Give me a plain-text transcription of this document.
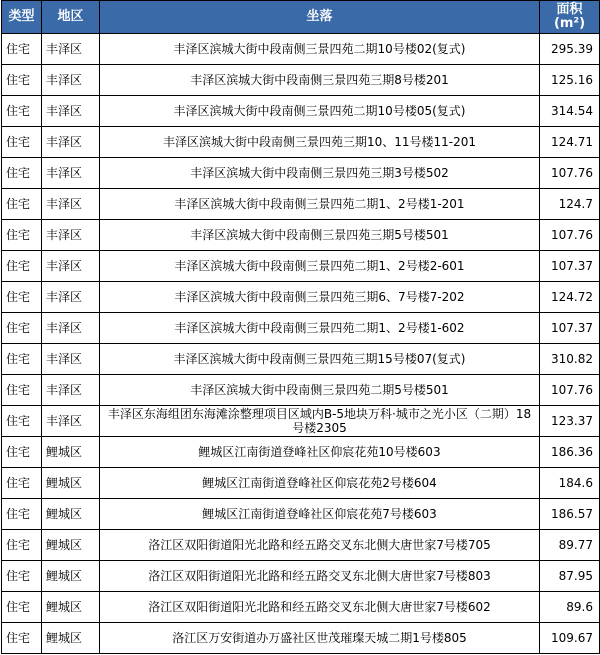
类型	地区	坐落	面积
(m²)

住宅	丰泽区	丰泽区滨城大街中段南侧三景四苑二期10号楼02(复式)	295.39
住宅	丰泽区	丰泽区滨城大街中段南侧三景四苑三期8号楼201	125.16
住宅	丰泽区	丰泽区滨城大街中段南侧三景四苑二期10号楼05(复式)	314.54
住宅	丰泽区	丰泽区滨城大街中段南侧三景四苑三期10、11号楼11-201	124.71
住宅	丰泽区	丰泽区滨城大街中段南侧三景四苑三期3号楼502	107.76
住宅	丰泽区	丰泽区滨城大街中段南侧三景四苑二期1、2号楼1-201	124.7
住宅	丰泽区	丰泽区滨城大街中段南侧三景四苑三期5号楼501	107.76
住宅	丰泽区	丰泽区滨城大街中段南侧三景四苑二期1、2号楼2-601	107.37
住宅	丰泽区	丰泽区滨城大街中段南侧三景四苑三期6、7号楼7-202	124.72
住宅	丰泽区	丰泽区滨城大街中段南侧三景四苑二期1、2号楼1-602	107.37
住宅	丰泽区	丰泽区滨城大街中段南侧三景四苑三期15号楼07(复式)	310.82
住宅	丰泽区	丰泽区滨城大街中段南侧三景四苑二期5号楼501	107.76
住宅	丰泽区	丰泽区东海组团东海滩涂整理项目区域内B-5地块万科·城市之光小区（二期）18号楼2305	123.37
住宅	鲤城区	鲤城区江南街道登峰社区仰宸花苑10号楼603	186.36
住宅	鲤城区	鲤城区江南街道登峰社区仰宸花苑2号楼604	184.6
住宅	鲤城区	鲤城区江南街道登峰社区仰宸花苑7号楼603	186.57
住宅	鲤城区	洛江区双阳街道阳光北路和经五路交叉东北侧大唐世家7号楼705	89.77
住宅	鲤城区	洛江区双阳街道阳光北路和经五路交叉东北侧大唐世家7号楼803	87.95
住宅	鲤城区	洛江区双阳街道阳光北路和经五路交叉东北侧大唐世家7号楼602	89.6
住宅	鲤城区	洛江区万安街道办万盛社区世茂璀璨天城二期1号楼805	109.67
